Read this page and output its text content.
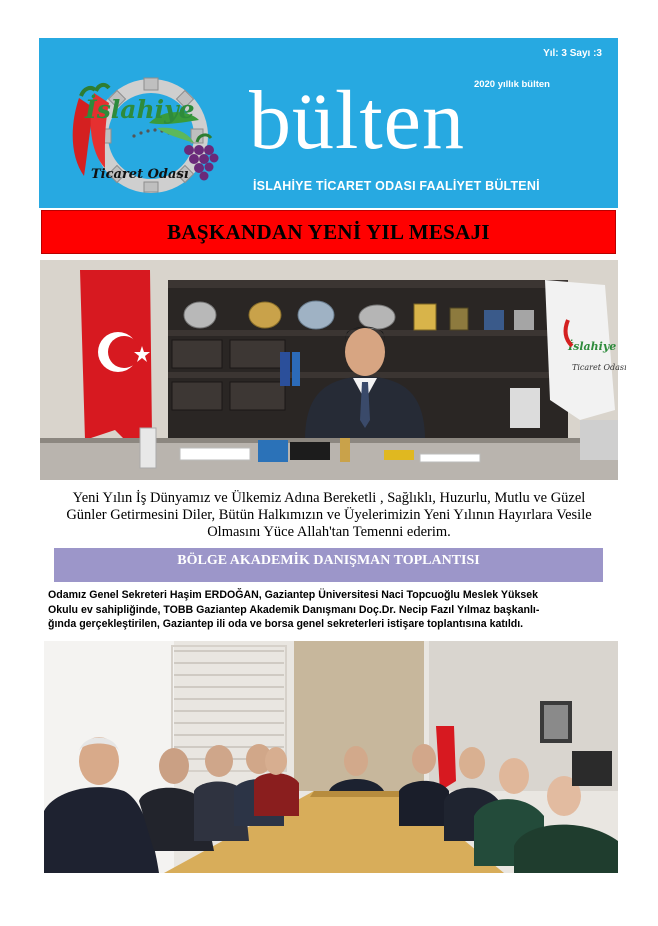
İslahiye
Ticaret Odası
Yıl: 3 Sayı :3
2020 yıllık bülten
bülten
İSLAHİYE TİCARET ODASI FAALİYET BÜLTENİ
BAŞKANDAN YENİ YIL MESAJI
İslahiye
Ticaret Odası
Yeni Yılın İş Dünyamız ve Ülkemiz Adına Bereketli , Sağlıklı, Huzurlu, Mutlu ve Güzel
Günler Getirmesini Diler, Bütün Halkımızın ve Üyelerimizin Yeni Yılının Hayırlara Vesile
Olmasını Yüce Allah'tan Temenni ederim.
BÖLGE AKADEMİK DANIŞMAN TOPLANTISI

Odamız Genel Sekreteri Haşim ERDOĞAN, Gaziantep Üniversitesi Naci Topcuoğlu Meslek Yüksek

Okulu ev sahipliğinde, TOBB Gaziantep Akademik Danışmanı Doç.Dr. Necip Fazıl Yılmaz başkanlı-

ğında gerçekleştirilen, Gaziantep ili oda ve borsa genel sekreterleri istişare toplantısına katıldı.
